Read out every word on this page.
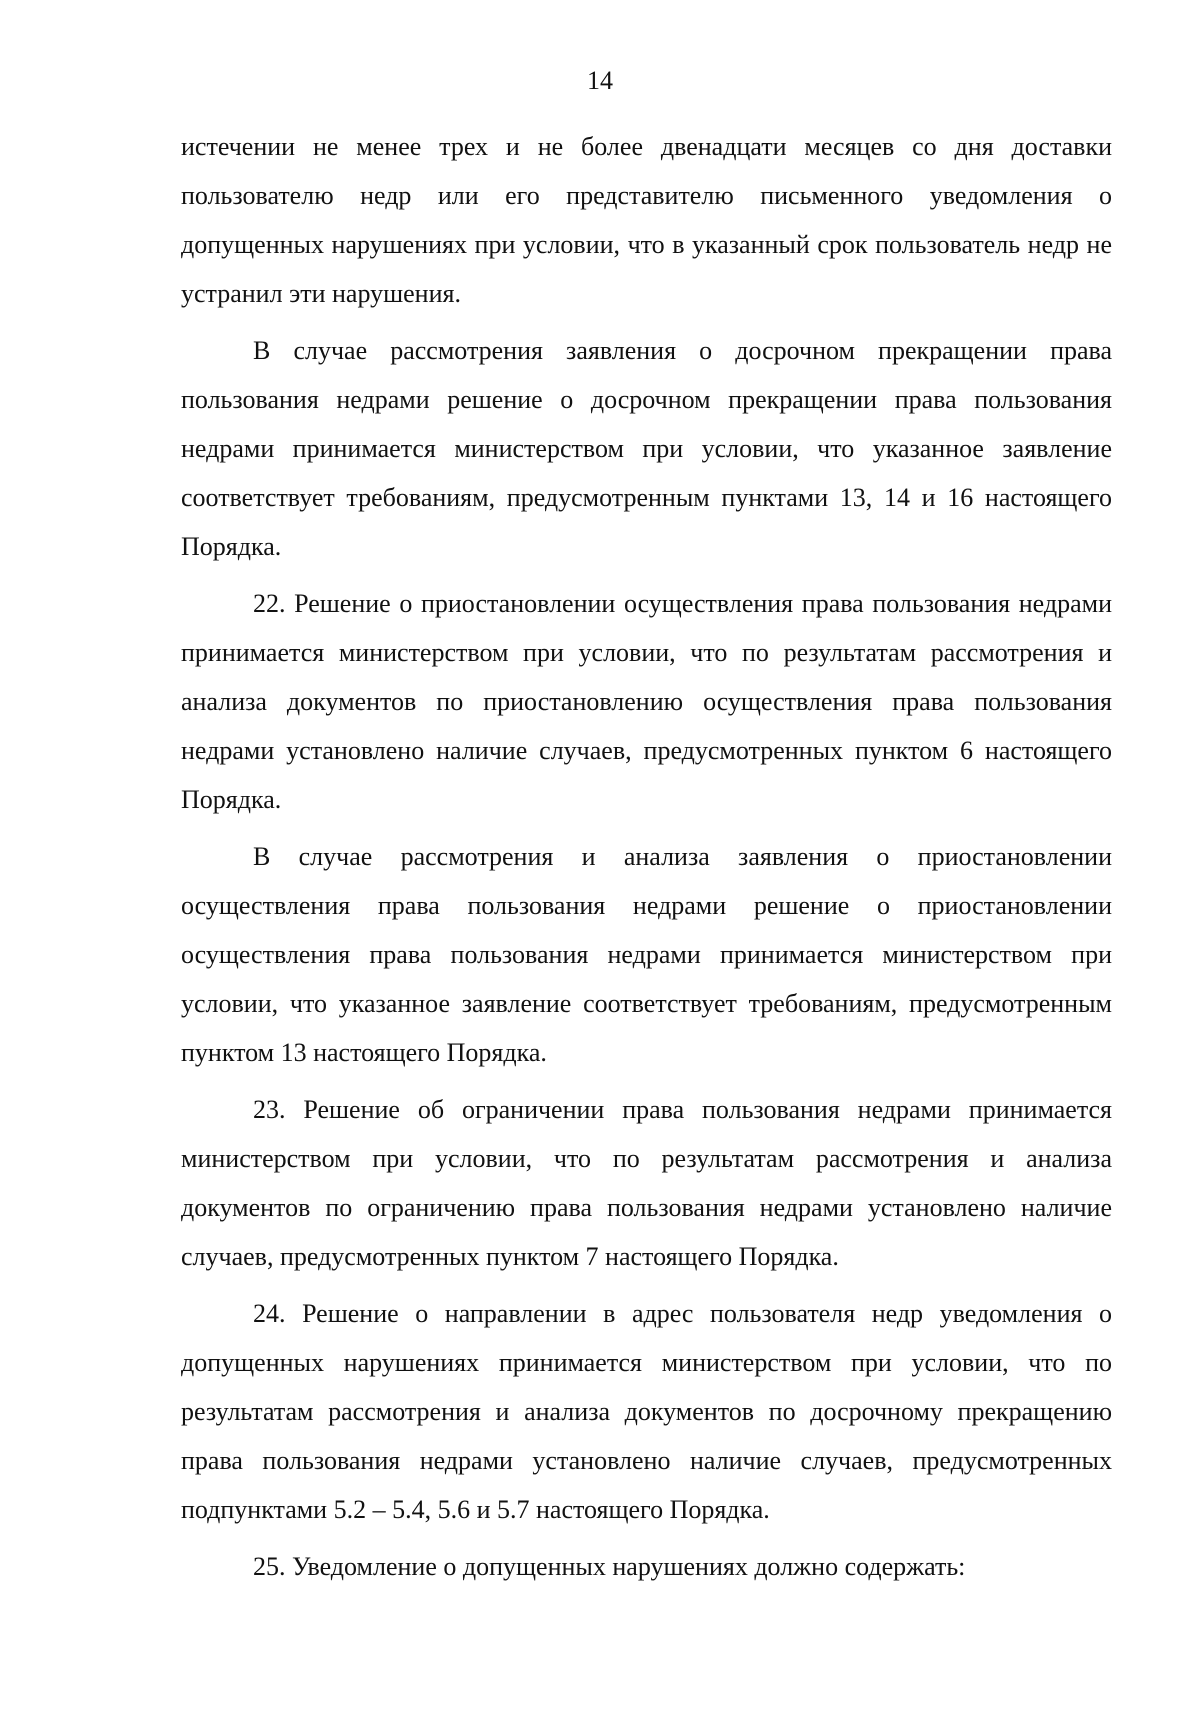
14

истечении не менее трех и не более двенадцати месяцев со дня доставки пользователю недр или его представителю письменного уведомления о допущенных нарушениях при условии, что в указанный срок пользователь недр не устранил эти нарушения.

В случае рассмотрения заявления о досрочном прекращении права пользования недрами решение о досрочном прекращении права пользования недрами принимается министерством при условии, что указанное заявление соответствует требованиям, предусмотренным пунктами 13, 14 и 16 настоящего Порядка.

22. Решение о приостановлении осуществления права пользования недрами принимается министерством при условии, что по результатам рассмотрения и анализа документов по приостановлению осуществления права пользования недрами установлено наличие случаев, предусмотренных пунктом 6 настоящего Порядка.

В случае рассмотрения и анализа заявления о приостановлении осуществления права пользования недрами решение о приостановлении осуществления права пользования недрами принимается министерством при условии, что указанное заявление соответствует требованиям, предусмотренным пунктом 13 настоящего Порядка.

23. Решение об ограничении права пользования недрами принимается министерством при условии, что по результатам рассмотрения и анализа документов по ограничению права пользования недрами установлено наличие случаев, предусмотренных пунктом 7 настоящего Порядка.

24. Решение о направлении в адрес пользователя недр уведомления о допущенных нарушениях принимается министерством при условии, что по результатам рассмотрения и анализа документов по досрочному прекращению права пользования недрами установлено наличие случаев, предусмотренных подпунктами 5.2 – 5.4, 5.6 и 5.7 настоящего Порядка.

25. Уведомление о допущенных нарушениях должно содержать:
